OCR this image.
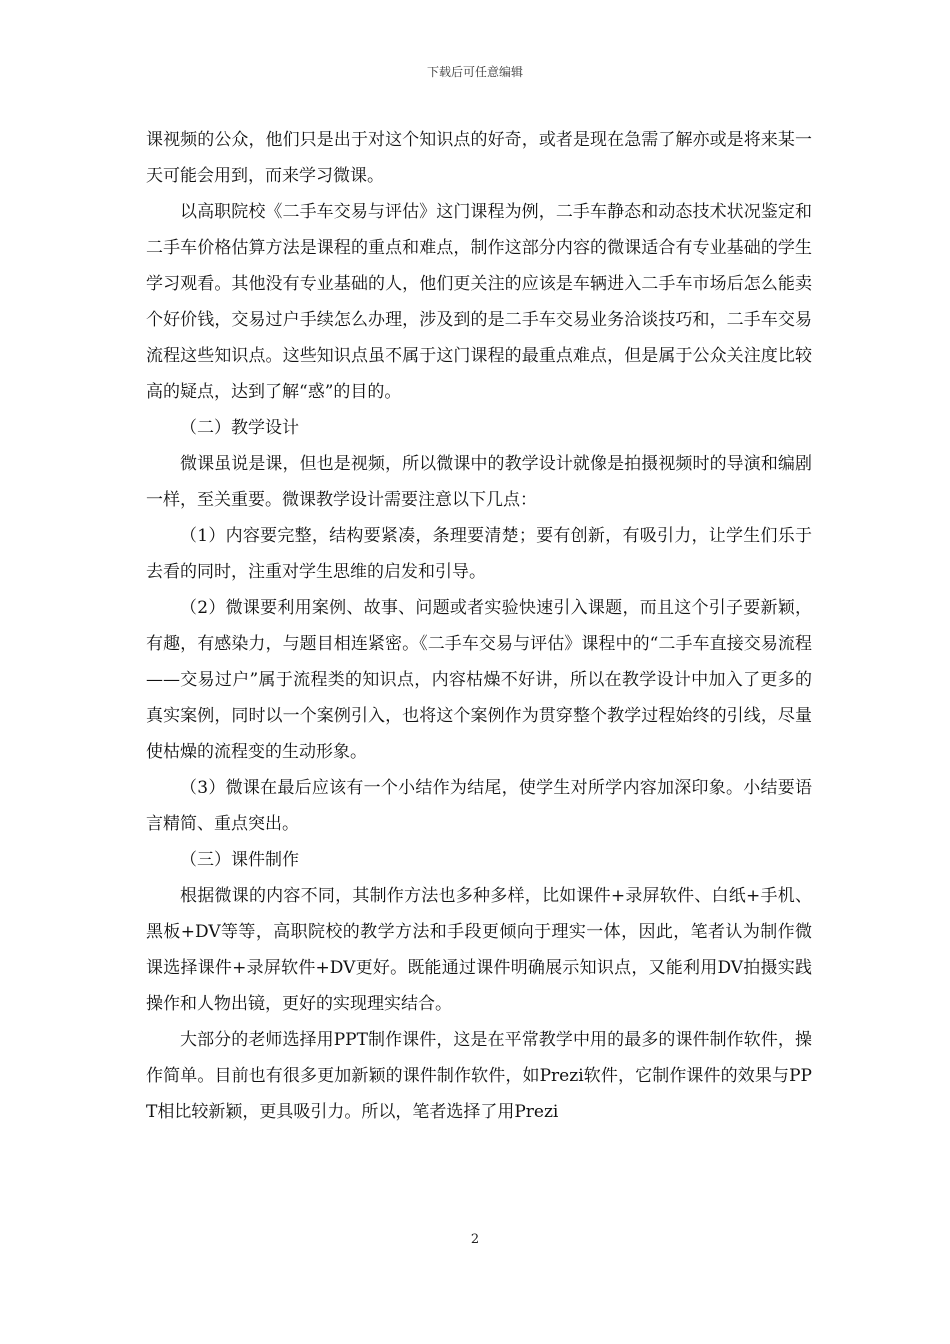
下载后可任意编辑

课视频的公众，他们只是出于对这个知识点的好奇，或者是现在急需了解亦或是将来某一天可能会用到，而来学习微课。

以高职院校《二手车交易与评估》这门课程为例，二手车静态和动态技术状况鉴定和二手车价格估算方法是课程的重点和难点，制作这部分内容的微课适合有专业基础的学生学习观看。其他没有专业基础的人，他们更关注的应该是车辆进入二手车市场后怎么能卖个好价钱，交易过户手续怎么办理，涉及到的是二手车交易业务洽谈技巧和，二手车交易流程这些知识点。这些知识点虽不属于这门课程的最重点难点，但是属于公众关注度比较高的疑点，达到了解“惑”的目的。

（二）教学设计

微课虽说是课，但也是视频，所以微课中的教学设计就像是拍摄视频时的导演和编剧一样，至关重要。微课教学设计需要注意以下几点：

（1）内容要完整，结构要紧凑，条理要清楚；要有创新，有吸引力，让学生们乐于去看的同时，注重对学生思维的启发和引导。

（2）微课要利用案例、故事、问题或者实验快速引入课题，而且这个引子要新颖，有趣，有感染力，与题目相连紧密。《二手车交易与评估》课程中的“二手车直接交易流程——交易过户”属于流程类的知识点，内容枯燥不好讲，所以在教学设计中加入了更多的真实案例，同时以一个案例引入，也将这个案例作为贯穿整个教学过程始终的引线，尽量使枯燥的流程变的生动形象。

（3）微课在最后应该有一个小结作为结尾，使学生对所学内容加深印象。小结要语言精简、重点突出。

（三）课件制作

根据微课的内容不同，其制作方法也多种多样，比如课件+录屏软件、白纸+手机、黑板+DV等等，高职院校的教学方法和手段更倾向于理实一体，因此，笔者认为制作微课选择课件+录屏软件+DV更好。既能通过课件明确展示知识点，又能利用DV拍摄实践操作和人物出镜，更好的实现理实结合。

大部分的老师选择用PPT制作课件，这是在平常教学中用的最多的课件制作软件，操作简单。目前也有很多更加新颖的课件制作软件，如Prezi软件，它制作课件的效果与PPT相比较新颖，更具吸引力。所以，笔者选择了用Prezi

2
